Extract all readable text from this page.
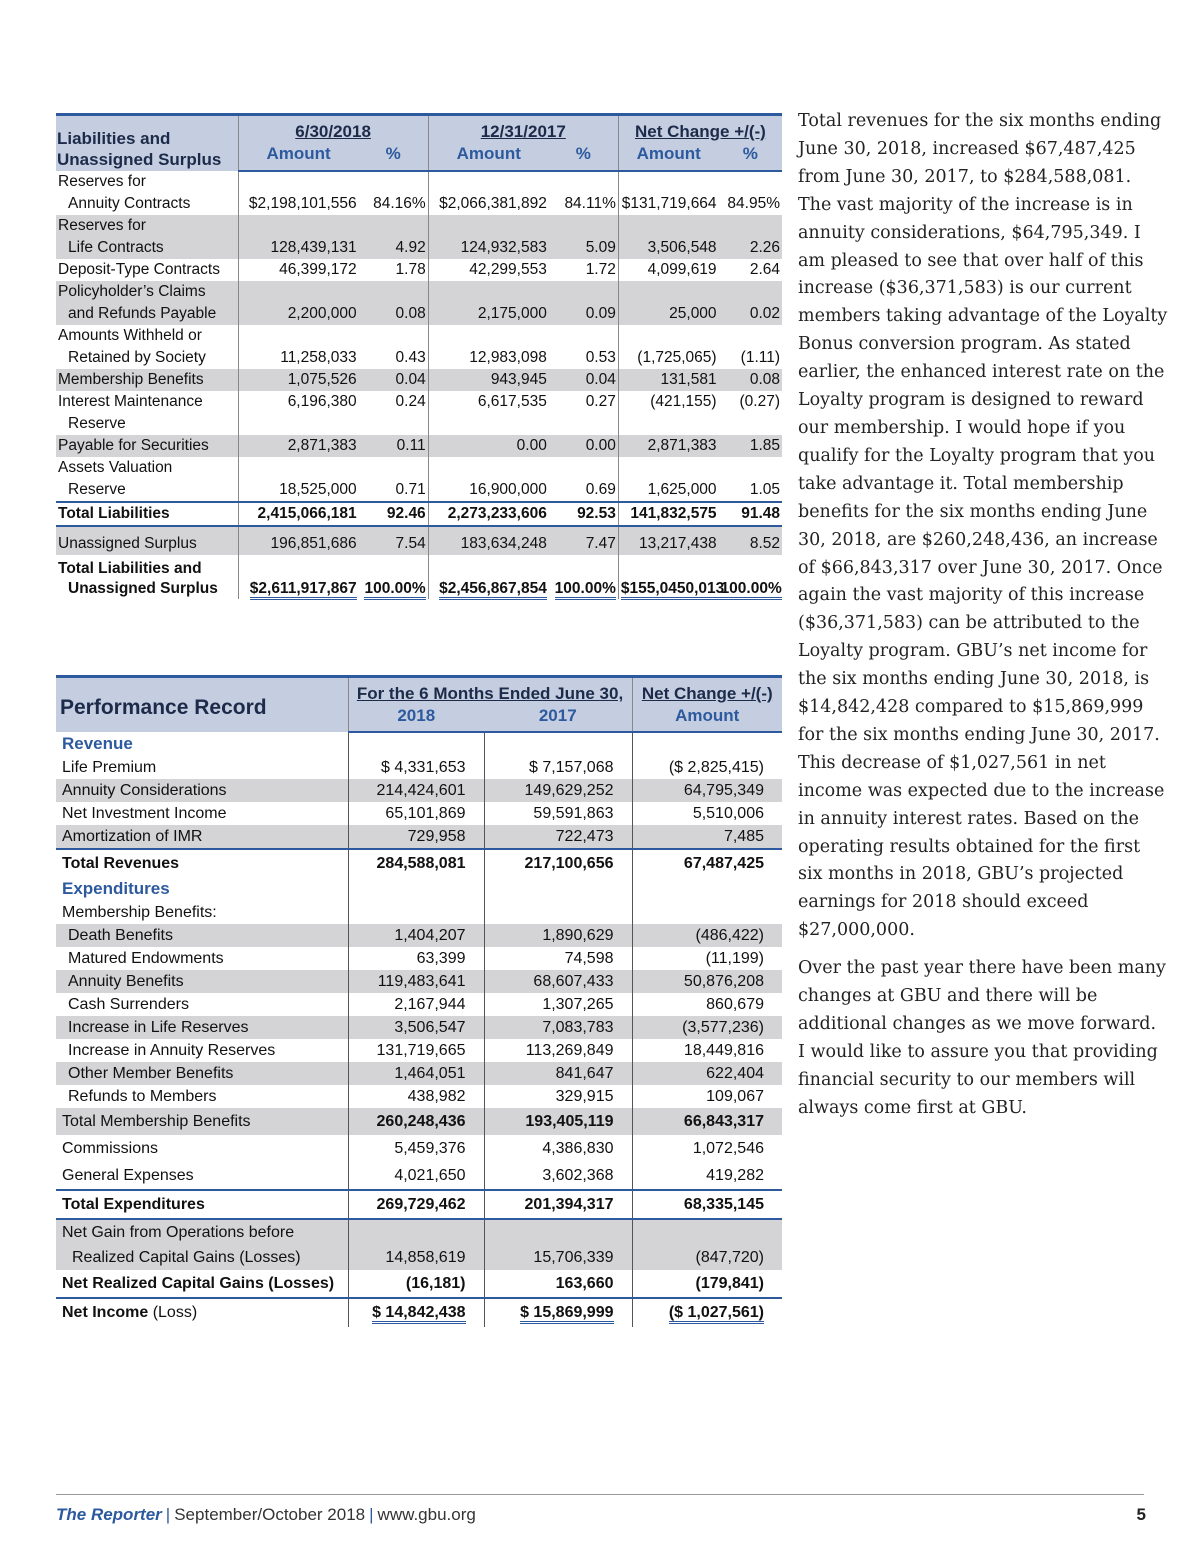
Liabilities and
Unassigned Surplus	6/30/2018		12/31/2017		Net Change +/(-)	
	Amount	%	Amount	%	Amount	%
Reserves for
Annuity Contracts	$2,198,101,556	84.16%	$2,066,381,892	84.11%	$131,719,664	84.95%
Reserves for
Life Contracts	128,439,131	4.92	124,932,583	5.09	3,506,548	2.26
Deposit-Type Contracts	46,399,172	1.78	42,299,553	1.72	4,099,619	2.64
Policyholder’s Claims
and Refunds Payable	2,200,000	0.08	2,175,000	0.09	25,000	0.02
Amounts Withheld or
Retained by Society	11,258,033	0.43	12,983,098	0.53	(1,725,065)	(1.11)
Membership Benefits	1,075,526	0.04	943,945	0.04	131,581	0.08
Interest Maintenance
Reserve	6,196,380	0.24	6,617,535	0.27	(421,155)	(0.27)
Payable for Securities	2,871,383	0.11	0.00	0.00	2,871,383	1.85
Assets Valuation
Reserve	18,525,000	0.71	16,900,000	0.69	1,625,000	1.05
Total Liabilities	2,415,066,181	92.46	2,273,233,606	92.53	141,832,575	91.48
Unassigned Surplus	196,851,686	7.54	183,634,248	7.47	13,217,438	8.52
Total Liabilities and
Unassigned Surplus	$2,611,917,867	100.00%	$2,456,867,854	100.00%	$155,0450,013	100.00%
Performance Record	For the 6 Months Ended June 30,		Net Change +/(-)
	2018	2017	Amount
Revenue			
Life Premium	$ 4,331,653	$ 7,157,068	($ 2,825,415)
Annuity Considerations	214,424,601	149,629,252	64,795,349
Net Investment Income	65,101,869	59,591,863	5,510,006
Amortization of IMR	729,958	722,473	7,485
Total Revenues	284,588,081	217,100,656	67,487,425
Expenditures			
Membership Benefits:			
Death Benefits	1,404,207	1,890,629	(486,422)
Matured Endowments	63,399	74,598	(11,199)
Annuity Benefits	119,483,641	68,607,433	50,876,208
Cash Surrenders	2,167,944	1,307,265	860,679
Increase in Life Reserves	3,506,547	7,083,783	(3,577,236)
Increase in Annuity Reserves	131,719,665	113,269,849	18,449,816
Other Member Benefits	1,464,051	841,647	622,404
Refunds to Members	438,982	329,915	109,067
Total Membership Benefits	260,248,436	193,405,119	66,843,317
Commissions	5,459,376	4,386,830	1,072,546
General Expenses	4,021,650	3,602,368	419,282
Total Expenditures	269,729,462	201,394,317	68,335,145
Net Gain from Operations before
Realized Capital Gains (Losses)	14,858,619	15,706,339	(847,720)
Net Realized Capital Gains (Losses)	(16,181)	163,660	(179,841)
Net Income (Loss)	$ 14,842,438	$ 15,869,999	($ 1,027,561)

Total revenues for the six months ending June 30, 2018, increased $67,487,425 from June 30, 2017, to $284,588,081. The vast majority of the increase is in annuity considerations, $64,795,349. I am pleased to see that over half of this increase ($36,371,583) is our current members taking advantage of the Loyalty Bonus conversion program. As stated earlier, the enhanced interest rate on the Loyalty program is designed to reward our membership. I would hope if you qualify for the Loyalty program that you take advantage it. Total membership benefits for the six months ending June 30, 2018, are $260,248,436, an increase of $66,843,317 over June 30, 2017. Once again the vast majority of this increase ($36,371,583) can be attributed to the Loyalty program. GBU’s net income for the six months ending June 30, 2018, is $14,842,428 compared to $15,869,999 for the six months ending June 30, 2017. This decrease of $1,027,561 in net income was expected due to the increase in annuity interest rates. Based on the operating results obtained for the first six months in 2018, GBU’s projected earnings for 2018 should exceed $27,000,000.

Over the past year there have been many changes at GBU and there will be additional changes as we move forward. I would like to assure you that providing financial security to our members will always come first at GBU.

The Reporter | September/October 2018 | www.gbu.org	5
